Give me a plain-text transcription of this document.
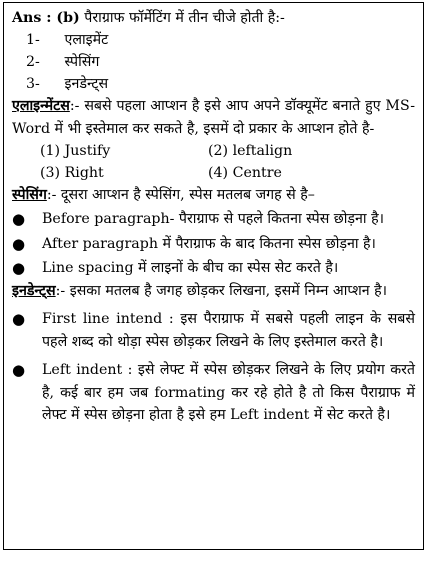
Ans : (b) पैराग्राफ फॉर्मेटिंग में तीन चीजे होती है:-
1- एलाइमेंट
2- स्पेसिंग
3- इनडेन्ट्स
एलाइन्मेंटस:- सबसे पहला आप्शन है इसे आप अपने डॉक्यूमेंट बनाते हुए MS-Word में भी इस्तेमाल कर सकते है, इसमें दो प्रकार के आप्शन होते है-
(1) Justify	(2) leftalign
(3) Right	(4) Centre
स्पेसिंग:- दूसरा आप्शन है स्पेसिंग, स्पेस मतलब जगह से है–
●	Before paragraph- पैराग्राफ से पहले कितना स्पेस छोड़ना है।
●	After paragraph में पैराग्राफ के बाद कितना स्पेस छोड़ना है।
●	Line spacing में लाइनों के बीच का स्पेस सेट करते है।
इनडेन्ट्स:- इसका मतलब है जगह छोड़कर लिखना, इसमें निम्न आप्शन है।
●	First line intend : इस पैराग्राफ में सबसे पहली लाइन के सबसे पहले शब्द को थोड़ा स्पेस छोड़कर लिखने के लिए इस्तेमाल करते है।
●	Left indent : इसे लेफ्ट में स्पेस छोड़कर लिखने के लिए प्रयोग करते है, कई बार हम जब formating कर रहे होते है तो किस पैराग्राफ में लेफ्ट में स्पेस छोड़ना होता है इसे हम Left indent में सेट करते है।
